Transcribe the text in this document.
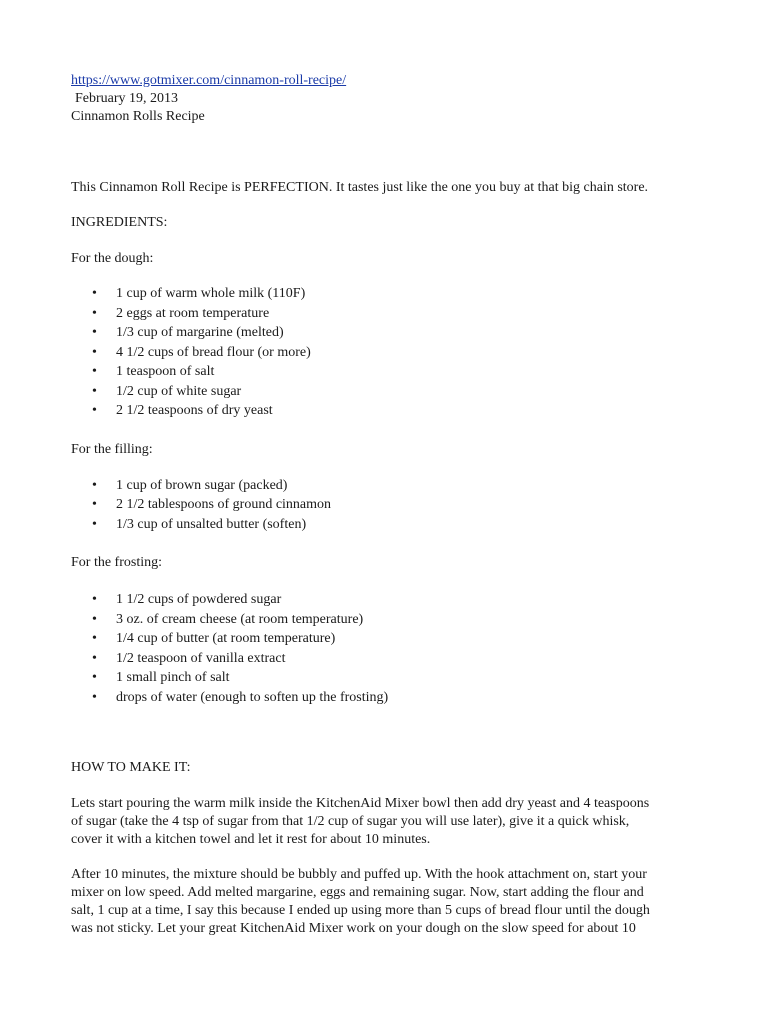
https://www.gotmixer.com/cinnamon-roll-recipe/
February 19, 2013
Cinnamon Rolls Recipe
This Cinnamon Roll Recipe is PERFECTION. It tastes just like the one you buy at that big chain store.
INGREDIENTS:
For the dough:
• 1 cup of warm whole milk (110F)
• 2 eggs at room temperature
• 1/3 cup of margarine (melted)
• 4 1/2 cups of bread flour (or more)
• 1 teaspoon of salt
• 1/2 cup of white sugar
• 2 1/2 teaspoons of dry yeast
For the filling:
• 1 cup of brown sugar (packed)
• 2 1/2 tablespoons of ground cinnamon
• 1/3 cup of unsalted butter (soften)
For the frosting:
• 1 1/2 cups of powdered sugar
• 3 oz. of cream cheese (at room temperature)
• 1/4 cup of butter (at room temperature)
• 1/2 teaspoon of vanilla extract
• 1 small pinch of salt
• drops of water (enough to soften up the frosting)
HOW TO MAKE IT:
Lets start pouring the warm milk inside the KitchenAid Mixer bowl then add dry yeast and 4 teaspoons
of sugar (take the 4 tsp of sugar from that 1/2 cup of sugar you will use later), give it a quick whisk,
cover it with a kitchen towel and let it rest for about 10 minutes.
After 10 minutes, the mixture should be bubbly and puffed up. With the hook attachment on, start your
mixer on low speed. Add melted margarine, eggs and remaining sugar. Now, start adding the flour and
salt, 1 cup at a time, I say this because I ended up using more than 5 cups of bread flour until the dough
was not sticky. Let your great KitchenAid Mixer work on your dough on the slow speed for about 10
